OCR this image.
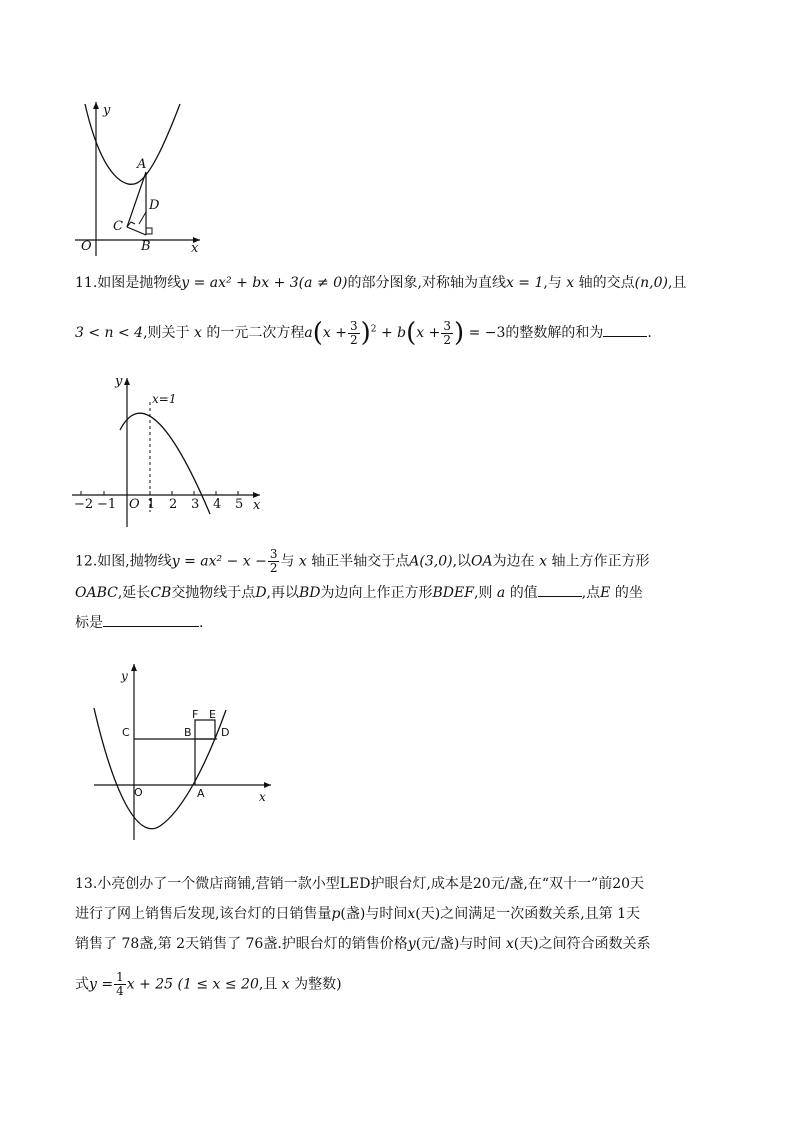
y
x
O
A
B
C
D
11.如图是抛物线y = ax² + bx + 3(a ≠ 0)的部分图象,对称轴为直线x = 1,与 x 轴的交点(n,0),且
3 < n < 4,则关于 x 的一元二次方程$a(x + \frac{3}{2} )^2 + b(x + \frac{3}{2}$ ) = −3的整数解的和为	.
−2 −1 1 2 3 4 5
O
y
x
x=1
12.如图,抛物线$y = ax^2 - x - \frac{3}{2}$ 与 x 轴正半轴交于点A(3,0),以OA为边在 x 轴上方作正方形
OABC,延长CB交抛物线于点D,再以BD为边向上作正方形BDEF,则 a 的值	,点E 的坐
标是	.
C	B	D
F E
O	A
y
x
13.小亮创办了一个微店商铺,营销一款小型LED护眼台灯,成本是20元/盏,在“双十一”前20天
进行了网上销售后发现,该台灯的日销售量p(盏)与时间x(天)之间满足一次函数关系,且第 1天
销售了 78盏,第 2天销售了 76盏.护眼台灯的销售价格y(元/盏)与时间 x(天)之间符合函数关系
式$y = \frac{1}{4}$ x + 25 (1 ≤ x ≤ 20,且 x 为整数)
